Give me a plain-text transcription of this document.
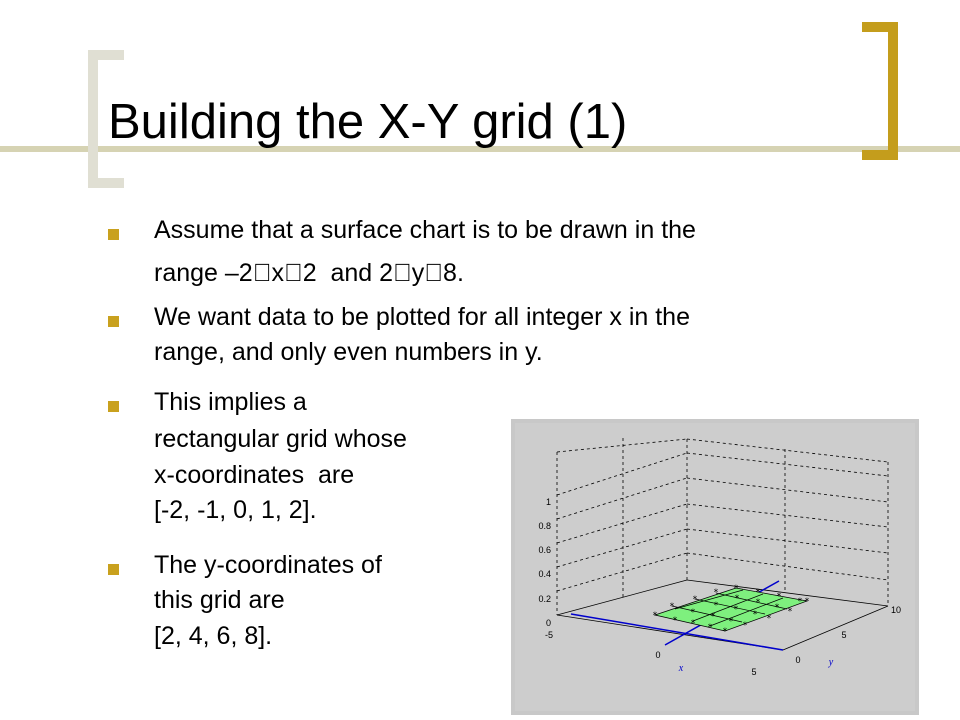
Building the X-Y grid (1)
Assume that a surface chart is to be drawn in the
range –2 x 2  and 2 y 8.
We want data to be plotted for all integer x in the
range, and only even numbers in y.
This implies a
rectangular grid whose
x-coordinates  are
[-2, -1, 0, 1, 2].
The y-coordinates of
this grid are
[2, 4, 6, 8].
*
*
*
* *
*
*
*
*
*
*
*
*
*
*
*
*
*
*
*
*
*
*
*
*
1
0.8
0.6
0.4
0.2
0
-5
0
5
0
5
10
x
y
